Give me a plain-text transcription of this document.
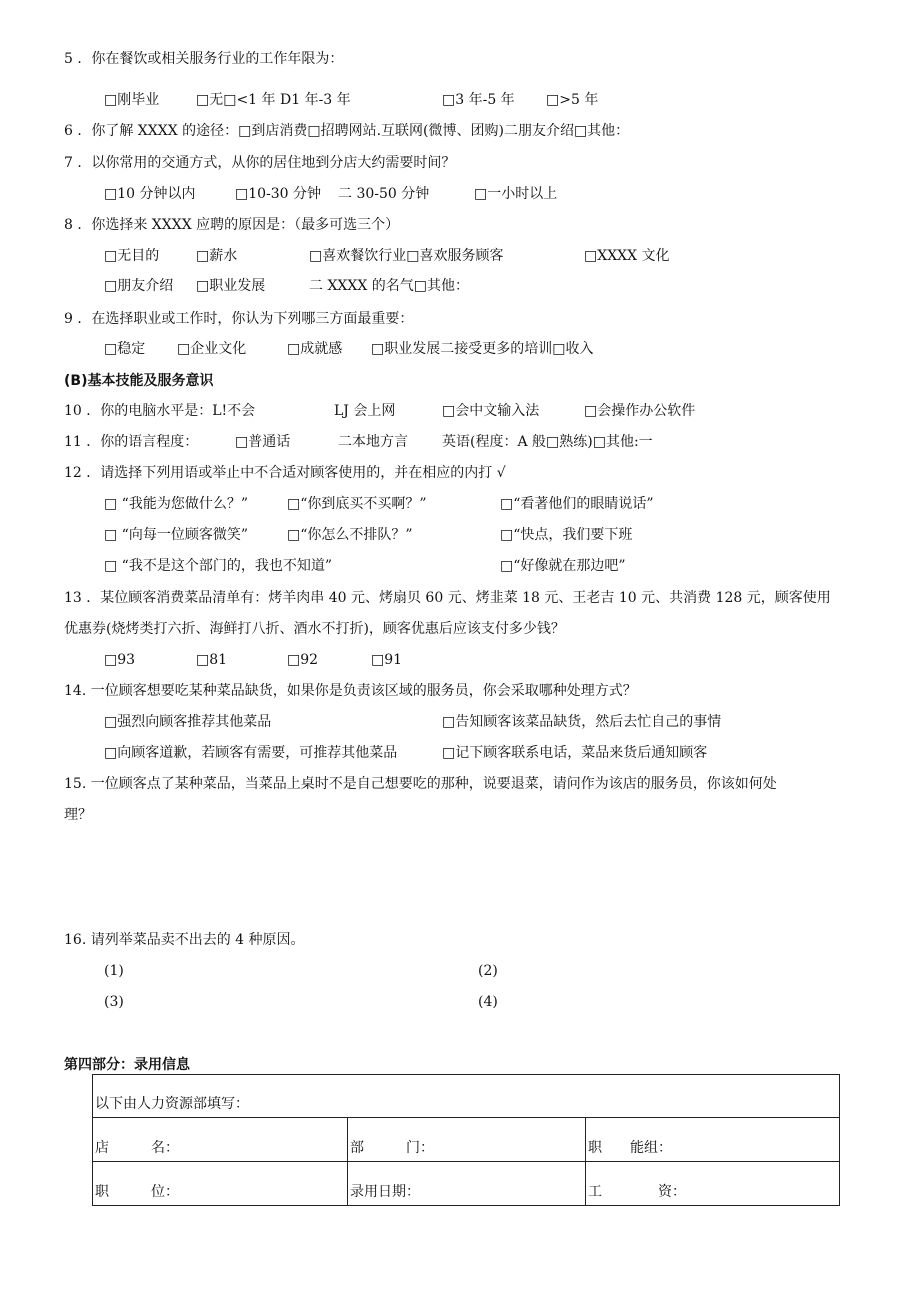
5 ．你在餐饮或相关服务行业的工作年限为：
□刚毕业	□无□<1 年 D1 年-3 年	□3 年-5 年 □>5 年
6 ．你了解 XXXX 的途径：□到店消费□招聘网站.互联网(微博、团购)二朋友介绍□其他：
7 ．以你常用的交通方式，从你的居住地到分店大约需要时间？
□10 分钟以内	□10-30 分钟 二 30-50 分钟	□一小时以上
8 ．你选择来 XXXX 应聘的原因是：（最多可选三个）
□无目的	□薪水	□喜欢餐饮行业□喜欢服务顾客	□XXXX 文化
□朋友介绍 □职业发展	二 XXXX 的名气□其他：
9 ．在选择职业或工作时，你认为下列哪三方面最重要：
□稳定 □企业文化	□成就感 □职业发展二接受更多的培训□收入
(B)基本技能及服务意识
10 ．你的电脑水平是：L!不会	LJ 会上网	□会中文输入法	□会操作办公软件
11 ．你的语言程度：	□普通话	二本地方言 英语(程度：A 般□熟练)□其他:一
12 ．请选择下列用语或举止中不合适对顾客使用的，并在相应的内打 √
□ “我能为您做什么？”	□“你到底买不买啊？”	□“看著他们的眼睛说话”
□ “向每一位顾客微笑”	□“你怎么不排队？”	□“快点，我们要下班
□ “我不是这个部门的，我也不知道”	□“好像就在那边吧”
13 ．某位顾客消费菜品清单有：烤羊肉串 40 元、烤扇贝 60 元、烤韭菜 18 元、王老吉 10 元、共消费 128 元，顾客使用
优惠券(烧烤类打六折、海鲜打八折、酒水不打折)，顾客优惠后应该支付多少钱？
□93	□81	□92	□91
14. 一位顾客想要吃某种菜品缺货，如果你是负责该区域的服务员，你会采取哪种处理方式？
□强烈向顾客推荐其他菜品	□告知顾客该菜品缺货，然后去忙自己的事情
□向顾客道歉，若顾客有需要，可推荐其他菜品	□记下顾客联系电话，菜品来货后通知顾客
15. 一位顾客点了某种菜品，当菜品上桌时不是自己想要吃的那种，说要退菜，请问作为该店的服务员，你该如何处
理？
16. 请列举菜品卖不出去的 4 种原因。
(1)	(2)
(3)	(4)
第四部分：录用信息
以下由人力资源部填写：		
店　　　名：	部　　　门：	职　　能组：
职　　　位：	录用日期：	工　　　　资：
